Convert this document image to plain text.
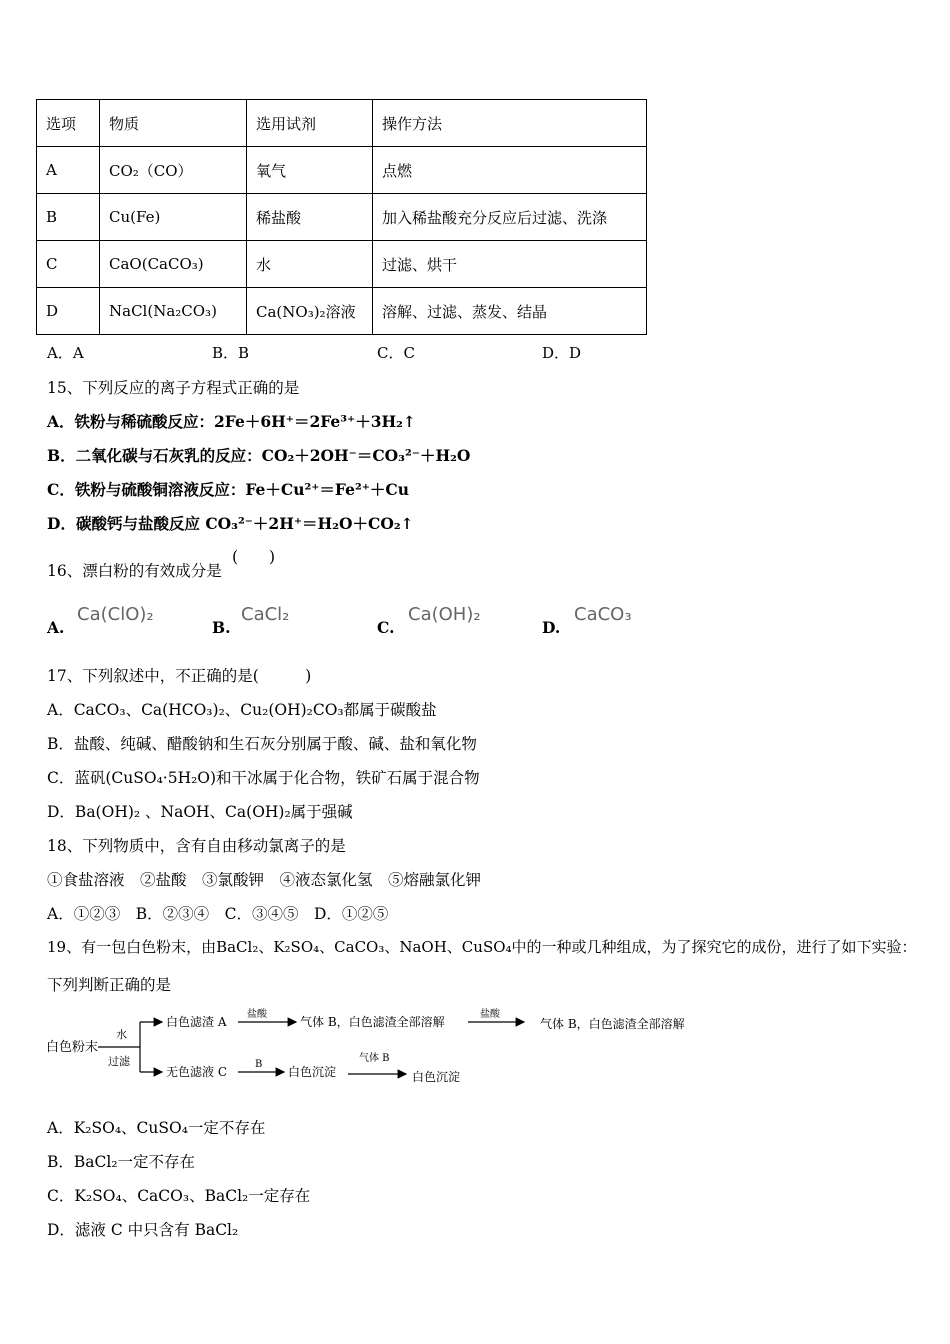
选项	物质	选用试剂	操作方法
A	CO₂（CO）	氧气	点燃
B	Cu(Fe)	稀盐酸	加入稀盐酸充分反应后过滤、洗涤
C	CaO(CaCO₃)	水	过滤、烘干
D	NaCl(Na₂CO₃)	Ca(NO₃)₂溶液	溶解、过滤、蒸发、结晶
A．A	B．B	C．C	D．D
15、下列反应的离子方程式正确的是
A．铁粉与稀硫酸反应：2Fe＋6H⁺＝2Fe³⁺＋3H₂↑
B．二氧化碳与石灰乳的反应：CO₂＋2OH⁻＝CO₃²⁻＋H₂O
C．铁粉与硫酸铜溶液反应：Fe＋Cu²⁺＝Fe²⁺＋Cu
D．碳酸钙与盐酸反应 CO₃²⁻＋2H⁺＝H₂O＋CO₂↑
16、漂白粉的有效成分是
(　　)
A.
Ca(ClO)₂
B.
CaCl₂
C.
Ca(OH)₂
D.
CaCO₃
17、下列叙述中，不正确的是(　　　)
A．CaCO₃、Ca(HCO₃)₂、Cu₂(OH)₂CO₃都属于碳酸盐
B．盐酸、纯碱、醋酸钠和生石灰分别属于酸、碱、盐和氧化物
C．蓝矾(CuSO₄·5H₂O)和干冰属于化合物，铁矿石属于混合物
D．Ba(OH)₂ 、NaOH、Ca(OH)₂属于强碱
18、下列物质中，含有自由移动氯离子的是
①食盐溶液　②盐酸　③氯酸钾　④液态氯化氢　⑤熔融氯化钾
A．①②③　B．②③④　C．③④⑤　D．①②⑤
19、有一包白色粉末，由BaCl₂、K₂SO₄、CaCO₃、NaOH、CuSO₄中的一种或几种组成，为了探究它的成份，进行了如下实验：
下列判断正确的是
白色粉末
水
过滤
白色滤渣 A
盐酸
气体 B，白色滤渣全部溶解
盐酸
气体 B，白色滤渣全部溶解
无色滤液 C
B
白色沉淀
气体 B
白色沉淀
A．K₂SO₄、CuSO₄一定不存在
B．BaCl₂一定不存在
C．K₂SO₄、CaCO₃、BaCl₂一定存在
D．滤液 C 中只含有 BaCl₂
